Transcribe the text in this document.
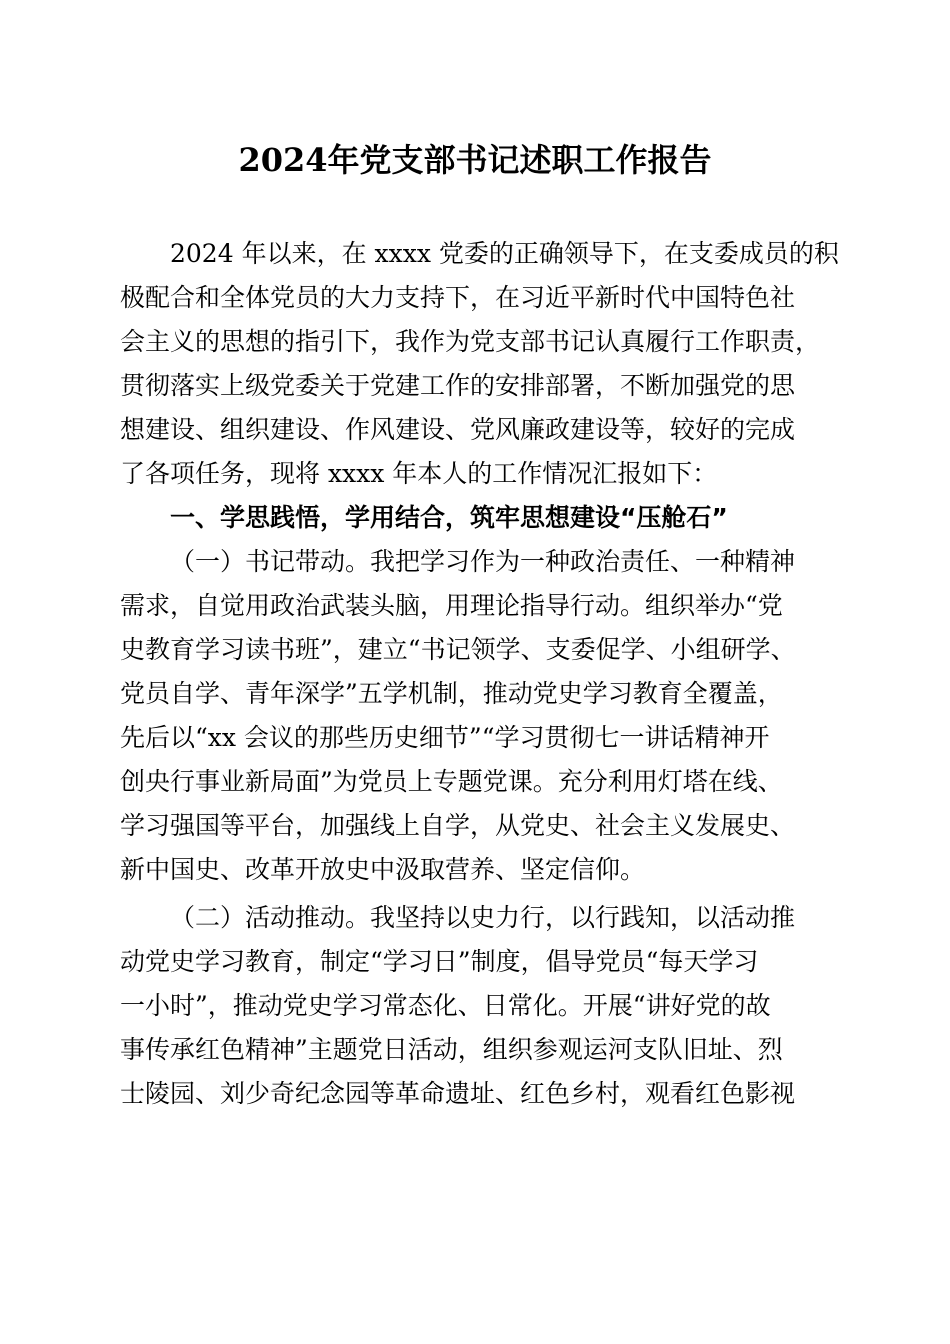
2024年党支部书记述职工作报告
2024 年以来，在 xxxx 党委的正确领导下，在支委成员的积
极配合和全体党员的大力支持下，在习近平新时代中国特色社
会主义的思想的指引下，我作为党支部书记认真履行工作职责，
贯彻落实上级党委关于党建工作的安排部署，不断加强党的思
想建设、组织建设、作风建设、党风廉政建设等，较好的完成
了各项任务，现将 xxxx 年本人的工作情况汇报如下：
一、学思践悟，学用结合，筑牢思想建设“压舱石”
（一）书记带动。我把学习作为一种政治责任、一种精神
需求，自觉用政治武装头脑，用理论指导行动。组织举办“党
史教育学习读书班”，建立“书记领学、支委促学、小组研学、
党员自学、青年深学”五学机制，推动党史学习教育全覆盖，
先后以“xx 会议的那些历史细节”“学习贯彻七一讲话精神开
创央行事业新局面”为党员上专题党课。充分利用灯塔在线、
学习强国等平台，加强线上自学，从党史、社会主义发展史、
新中国史、改革开放史中汲取营养、坚定信仰。
（二）活动推动。我坚持以史力行，以行践知，以活动推
动党史学习教育，制定“学习日”制度，倡导党员“每天学习
一小时”，推动党史学习常态化、日常化。开展“讲好党的故
事传承红色精神”主题党日活动，组织参观运河支队旧址、烈
士陵园、刘少奇纪念园等革命遗址、红色乡村，观看红色影视
